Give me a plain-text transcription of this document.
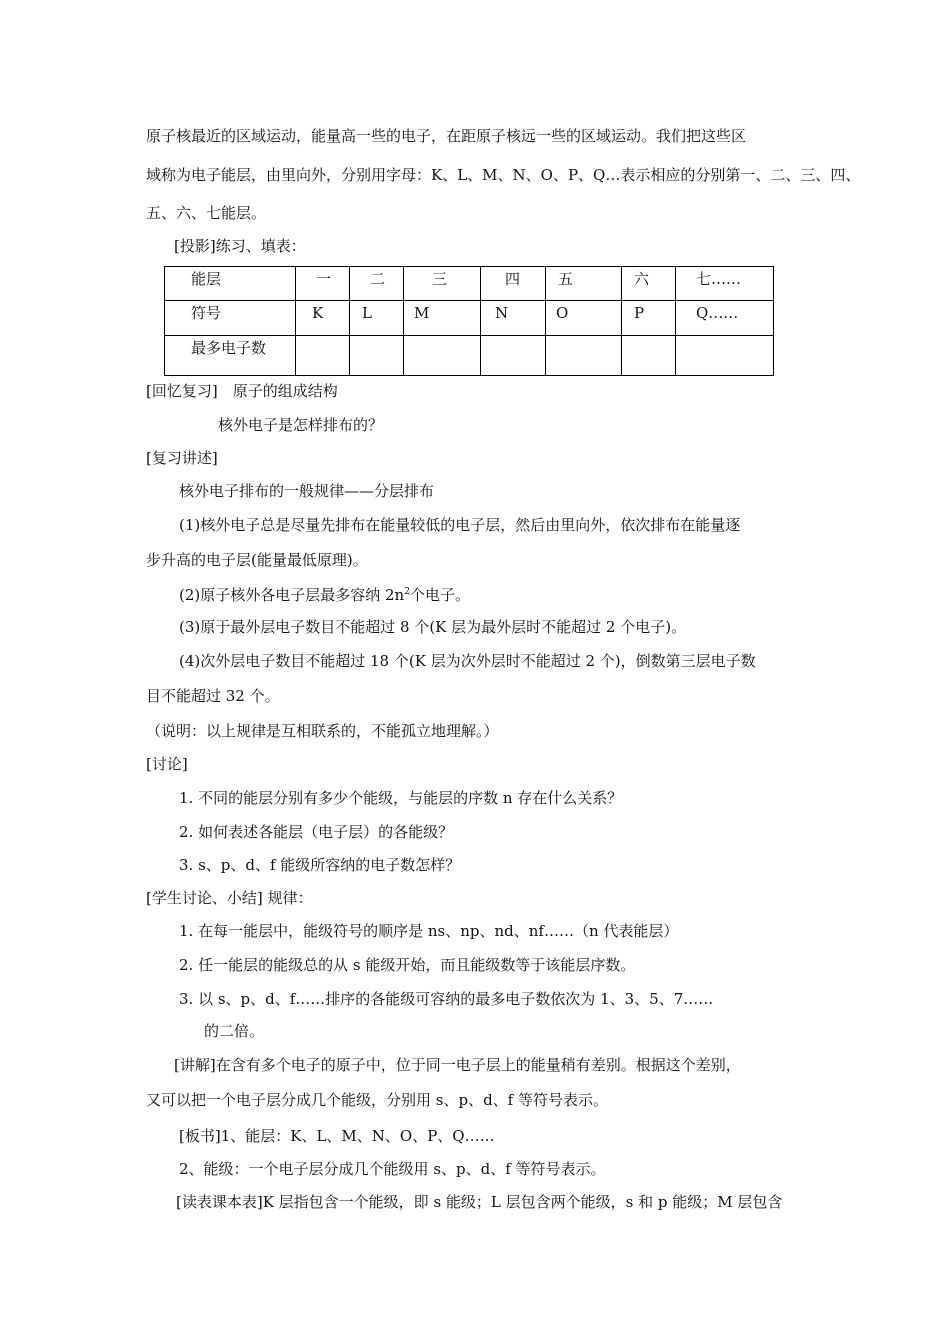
原子核最近的区域运动，能量高一些的电子，在距原子核远一些的区域运动。我们把这些区
域称为电子能层，由里向外，分别用字母：K、L、M、N、O、P、Q…表示相应的分别第一、二、三、四、
五、六、七能层。
[投影]练习、填表：
能层	一	二	三	四	五	六	七……
符号	K	L	M	N	O	P	Q……
最多电子数							
[回忆复习]　原子的组成结构
核外电子是怎样排布的？
[复习讲述]
核外电子排布的一般规律——分层排布
(1)核外电子总是尽量先排布在能量较低的电子层，然后由里向外，依次排布在能量逐
步升高的电子层(能量最低原理)。
(2)原子核外各电子层最多容纳 $2n^2$个电子。
(3)原于最外层电子数目不能超过 8 个(K 层为最外层时不能超过 2 个电子)。
(4)次外层电子数目不能超过 18 个(K 层为次外层时不能超过 2 个)，倒数第三层电子数
目不能超过 32 个。
（说明：以上规律是互相联系的，不能孤立地理解。）
[讨论]
1. 不同的能层分别有多少个能级，与能层的序数 n 存在什么关系？
2. 如何表述各能层（电子层）的各能级？
3. s、p、d、f 能级所容纳的电子数怎样？
[学生讨论、小结] 规律：
1. 在每一能层中，能级符号的顺序是 ns、np、nd、nf……（n 代表能层）
2. 任一能层的能级总的从 s 能级开始，而且能级数等于该能层序数。
3. 以 s、p、d、f……排序的各能级可容纳的最多电子数依次为 1、3、5、7……
的二倍。
[讲解]在含有多个电子的原子中，位于同一电子层上的能量稍有差别。根据这个差别，
又可以把一个电子层分成几个能级，分别用 s、p、d、f 等符号表示。
[板书]1、能层：K、L、M、N、O、P、Q……
2、能级：一个电子层分成几个能级用 s、p、d、f 等符号表示。
[读表课本表]K 层指包含一个能级，即 s 能级；L 层包含两个能级，s 和 p 能级；M 层包含
